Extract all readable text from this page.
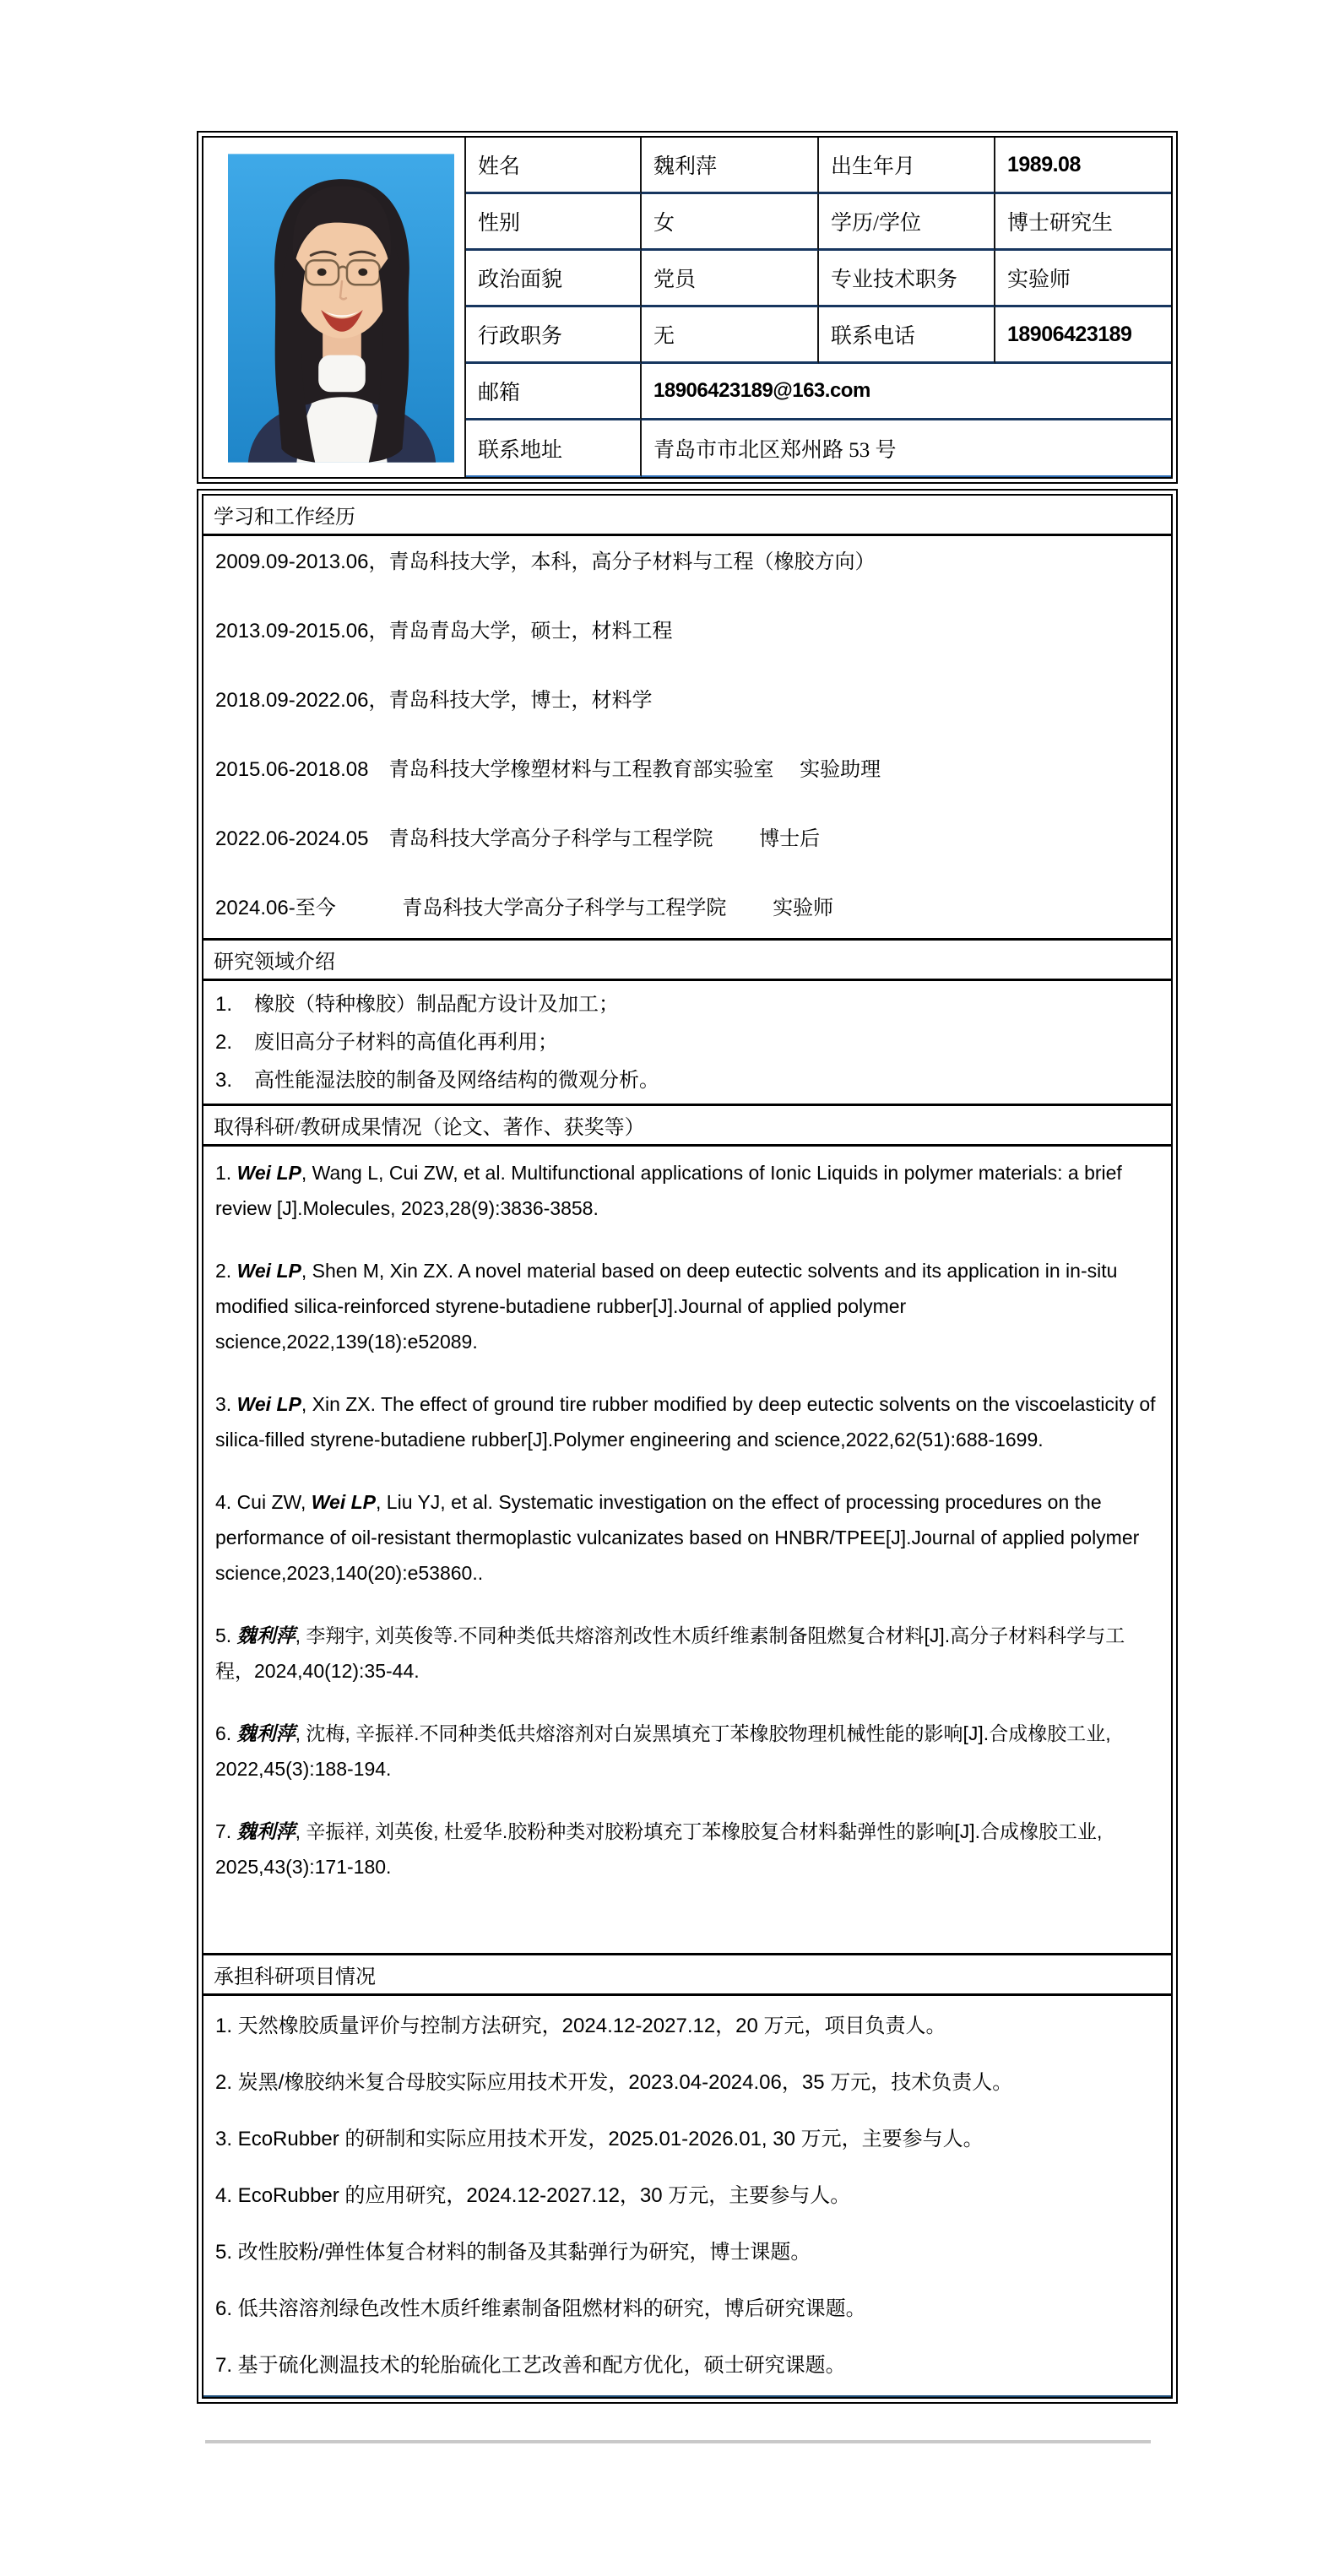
姓名	魏利萍	出生年月	1989.08
性别	女	学历/学位	博士研究生
政治面貌	党员	专业技术职务 实验师
行政职务	无	联系电话	18906423189
邮箱	18906423189@163.com
联系地址	青岛市市北区郑州路 53 号
学习和工作经历

2009.09-2013.06，青岛科技大学，本科，高分子材料与工程（橡胶方向）

2013.09-2015.06，青岛青岛大学，硕士，材料工程

2018.09-2022.06，青岛科技大学，博士，材料学

2015.06-2018.08　青岛科技大学橡塑材料与工程教育部实验室　 实验助理

2022.06-2024.05　青岛科技大学高分子科学与工程学院　　 博士后

2024.06-至今　　　 青岛科技大学高分子科学与工程学院　　 实验师

研究领域介绍

1. 橡胶（特种橡胶）制品配方设计及加工；

2. 废旧高分子材料的高值化再利用；

3. 高性能湿法胶的制备及网络结构的微观分析。

取得科研/教研成果情况（论文、著作、获奖等）

1. Wei LP, Wang L, Cui ZW, et al. Multifunctional applications of Ionic Liquids in polymer materials: a brief review [J].Molecules, 2023,28(9):3836-3858.

2. Wei LP, Shen M, Xin ZX. A novel material based on deep eutectic solvents and its application in in-situ modified silica-reinforced styrene-butadiene rubber[J].Journal of applied polymer science,2022,139(18):e52089.

3. Wei LP, Xin ZX. The effect of ground tire rubber modified by deep eutectic solvents on the viscoelasticity of silica-filled styrene-butadiene rubber[J].Polymer engineering and science,2022,62(51):688-1699.

4. Cui ZW, Wei LP, Liu YJ, et al. Systematic investigation on the effect of processing procedures on the performance of oil-resistant thermoplastic vulcanizates based on HNBR/TPEE[J].Journal of applied polymer science,2023,140(20):e53860..

5. 魏利萍, 李翔宇, 刘英俊等.不同种类低共熔溶剂改性木质纤维素制备阻燃复合材料[J].高分子材料科学与工程，2024,40(12):35-44.

6. 魏利萍, 沈梅, 辛振祥.不同种类低共熔溶剂对白炭黑填充丁苯橡胶物理机械性能的影响[J].合成橡胶工业, 2022,45(3):188-194.

7. 魏利萍, 辛振祥, 刘英俊, 杜爱华.胶粉种类对胶粉填充丁苯橡胶复合材料黏弹性的影响[J].合成橡胶工业, 2025,43(3):171-180.

承担科研项目情况

1. 天然橡胶质量评价与控制方法研究，2024.12-2027.12，20 万元，项目负责人。

2. 炭黑/橡胶纳米复合母胶实际应用技术开发，2023.04-2024.06，35 万元，技术负责人。

3. EcoRubber 的研制和实际应用技术开发，2025.01-2026.01, 30 万元，主要参与人。

4. EcoRubber 的应用研究，2024.12-2027.12，30 万元，主要参与人。

5. 改性胶粉/弹性体复合材料的制备及其黏弹行为研究，博士课题。

6. 低共溶溶剂绿色改性木质纤维素制备阻燃材料的研究，博后研究课题。

7. 基于硫化测温技术的轮胎硫化工艺改善和配方优化，硕士研究课题。
